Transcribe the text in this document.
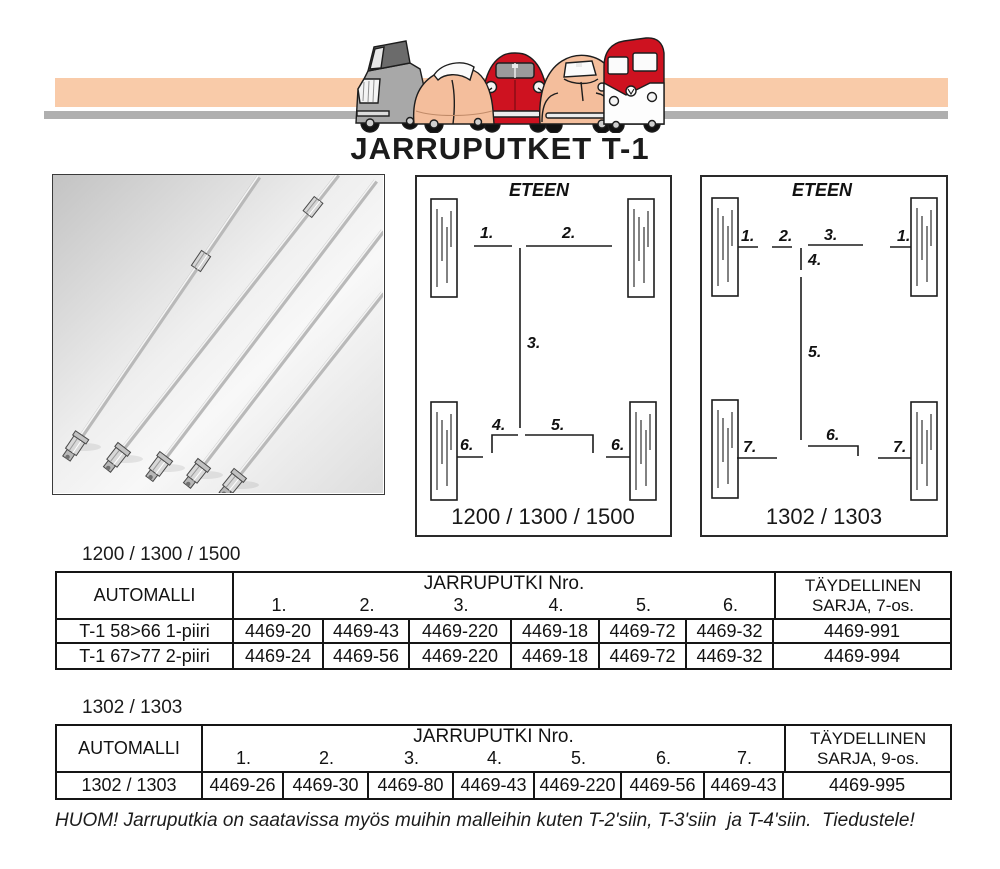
JARRUPUTKET T-1
ETEEN
1.	2.
3.
4.	5.
6.	6.
1200 / 1300 / 1500
ETEEN
1. 2. 3.	1.
4.
5.
7.
6.
7.
1302 / 1303
1200 / 1300 / 1500
AUTOMALLI	JARRUPUTKI Nro.						TÄYDELLINEN
SARJA, 7-os.

	1.	2.	3.	4.	5.	6.	
T-1 58>66 1-piiri	4469-20	4469-43	4469-220	4469-18	4469-72	4469-32	4469-991
T-1 67>77 2-piiri	4469-24	4469-56	4469-220	4469-18	4469-72	4469-32	4469-994
1302 / 1303
AUTOMALLI	JARRUPUTKI Nro.							TÄYDELLINEN
SARJA, 9-os.

	1.	2.	3.	4.	5.	6.	7.	
1302 / 1303	4469-26	4469-30	4469-80	4469-43	4469-220	4469-56	4469-43	4469-995
HUOM! Jarruputkia on saatavissa myös muihin malleihin kuten T-2'siin, T-3'siin  ja T-4'siin.  Tiedustele!
